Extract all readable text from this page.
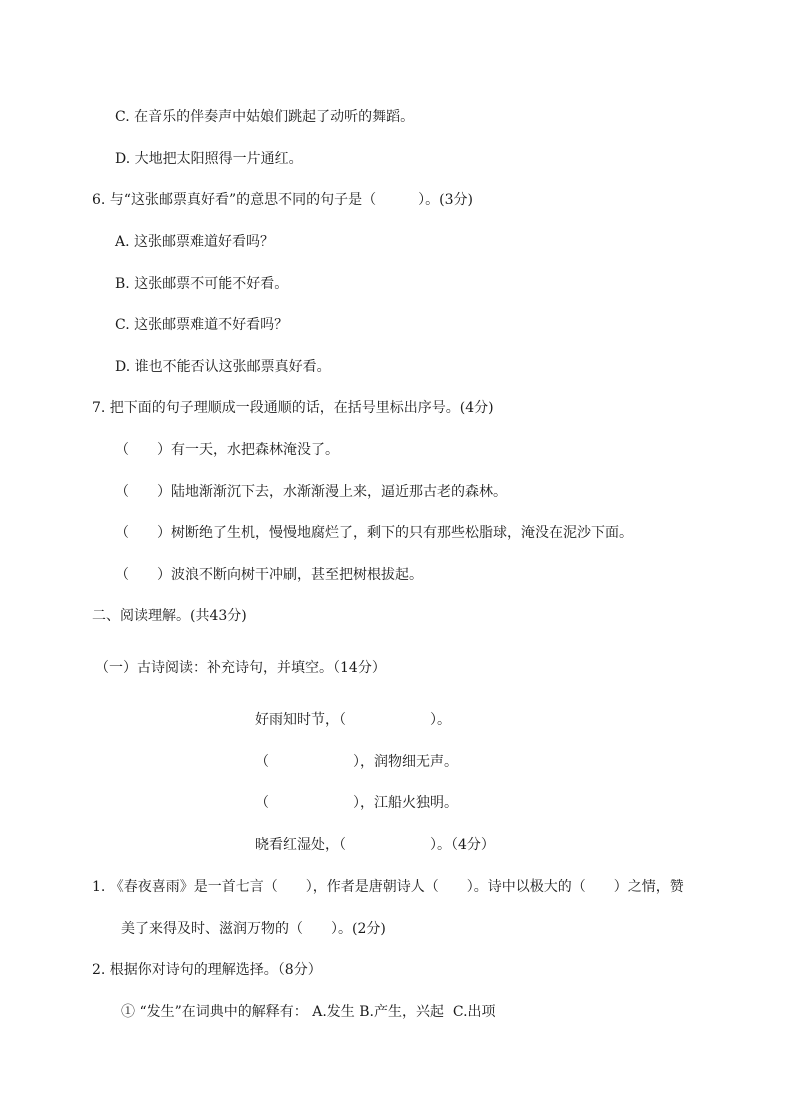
C. 在音乐的伴奏声中姑娘们跳起了动听的舞蹈。
D. 大地把太阳照得一片通红。
6. 与“这张邮票真好看”的意思不同的句子是（　　　）。(3分)
A. 这张邮票难道好看吗？
B. 这张邮票不可能不好看。
C. 这张邮票难道不好看吗？
D. 谁也不能否认这张邮票真好看。
7. 把下面的句子理顺成一段通顺的话，在括号里标出序号。(4分)
（　　）有一天，水把森林淹没了。
（　　）陆地渐渐沉下去，水渐渐漫上来，逼近那古老的森林。
（　　）树断绝了生机，慢慢地腐烂了，剩下的只有那些松脂球，淹没在泥沙下面。
（　　）波浪不断向树干冲刷，甚至把树根拔起。
二、阅读理解。(共43分)
（一）古诗阅读：补充诗句，并填空。（14分）
好雨知时节，（　　　　　　）。
（　　　　　　），润物细无声。
（　　　　　　），江船火独明。
晓看红湿处，（　　　　　　）。（4分）
1. 《春夜喜雨》是一首七言（　　），作者是唐朝诗人（　　）。诗中以极大的（　　）之情，赞
美了来得及时、滋润万物的（　　）。(2分)
2. 根据你对诗句的理解选择。（8分）
① “发生”在词典中的解释有： A.发生 B.产生，兴起  C.出项
